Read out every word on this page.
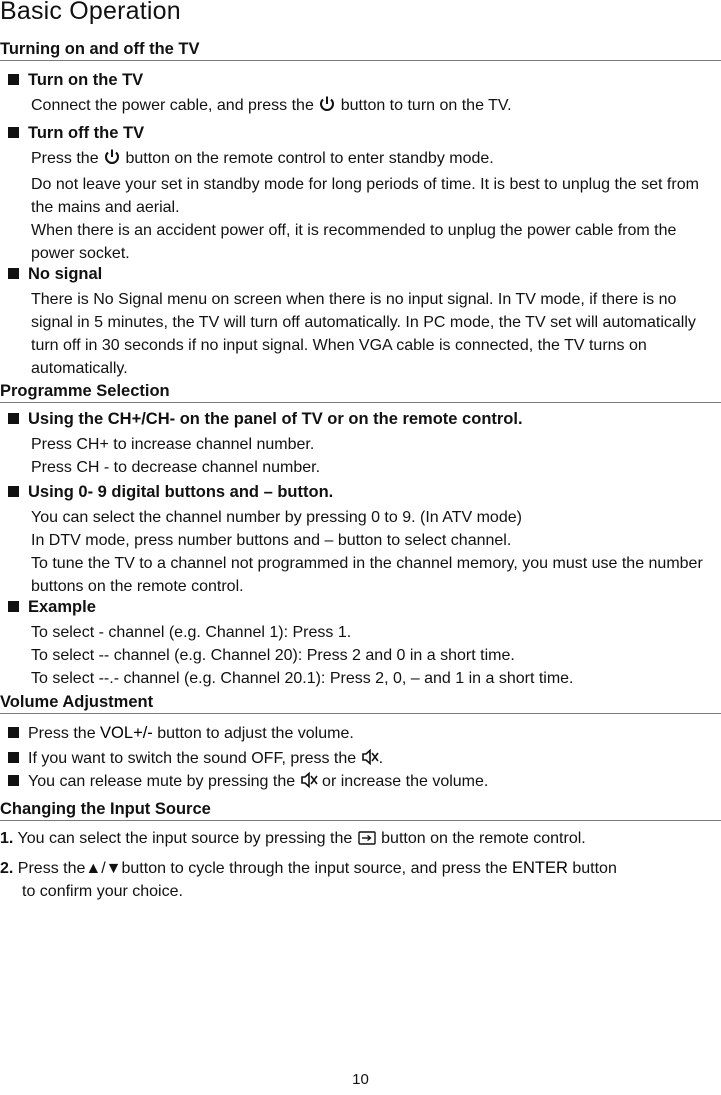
Basic Operation
Turning on and off the TV
Turn on the TV

Connect the power cable, and press the button to turn on the TV.

Turn off the TV

Press the button on the remote control to enter standby mode.

Do not leave your set in standby mode for long periods of time. It is best to unplug the set from the mains and aerial.

When there is an accident power off, it is recommended to unplug the power cable from the power socket.

No signal

There is No Signal menu on screen when there is no input signal. In TV mode, if there is no signal in 5 minutes, the TV will turn off automatically. In PC mode, the TV set will automatically turn off in 30 seconds if no input signal. When VGA cable is connected, the TV turns on automatically.

Programme Selection
Using the CH+/CH- on the panel of TV or on the remote control.

Press CH+ to increase channel number.

Press CH - to decrease channel number.

Using 0- 9 digital buttons and – button.

You can select the channel number by pressing 0 to 9. (In ATV mode)

In DTV mode, press number buttons and – button to select channel.

To tune the TV to a channel not programmed in the channel memory, you must use the number buttons on the remote control.

Example

To select - channel (e.g. Channel 1): Press 1.

To select -- channel (e.g. Channel 20): Press 2 and 0 in a short time.

To select --.- channel (e.g. Channel 20.1): Press 2, 0, – and 1 in a short time.

Volume Adjustment
Press the VOL+/- button to adjust the volume.
If you want to switch the sound OFF, press the .
You can release mute by pressing the or increase the volume.
Changing the Input Source
1. You can select the input source by pressing the button on the remote control.
2. Press the▲/▼button to cycle through the input source, and press the ENTER button
to confirm your choice.
10
